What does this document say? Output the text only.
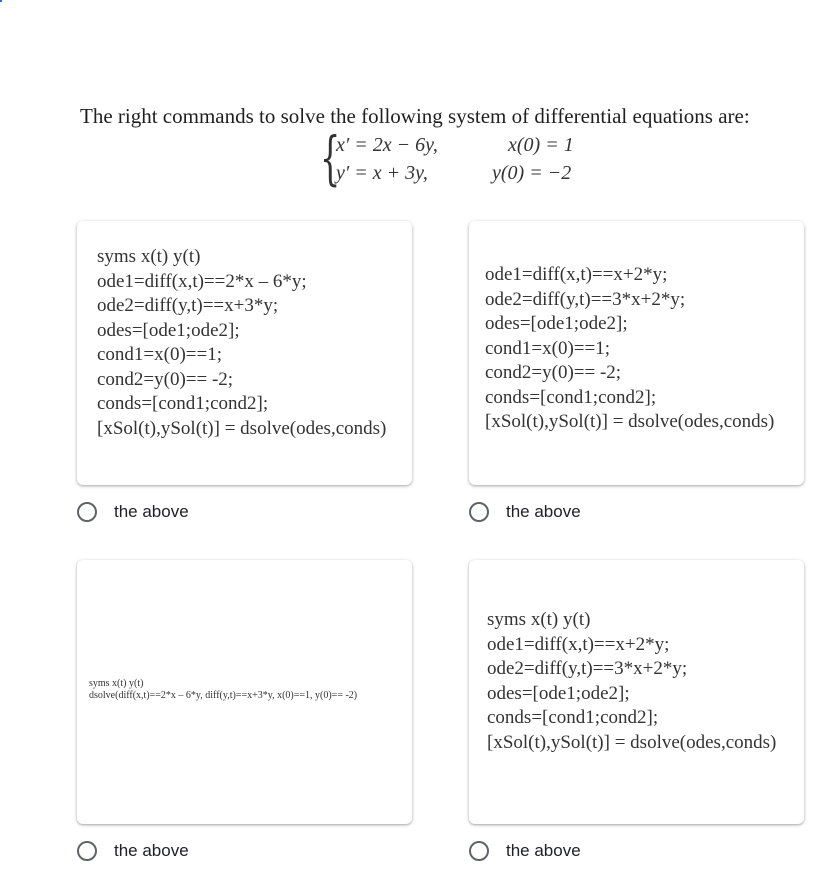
The right commands to solve the following system of differential equations are:
{
x′ = 2x − 6y,
y′ = x + 3y,
x(0) = 1
y(0) = −2
syms x(t) y(t)
ode1=diff(x,t)==2*x – 6*y;
ode2=diff(y,t)==x+3*y;
odes=[ode1;ode2];
cond1=x(0)==1;
cond2=y(0)== -2;
conds=[cond1;cond2];
[xSol(t),ySol(t)] = dsolve(odes,conds)
the above
ode1=diff(x,t)==x+2*y;
ode2=diff(y,t)==3*x+2*y;
odes=[ode1;ode2];
cond1=x(0)==1;
cond2=y(0)== -2;
conds=[cond1;cond2];
[xSol(t),ySol(t)] = dsolve(odes,conds)
the above
syms x(t) y(t)
dsolve(diff(x,t)==2*x – 6*y, diff(y,t)==x+3*y, x(0)==1, y(0)== -2)
the above
syms x(t) y(t)
ode1=diff(x,t)==x+2*y;
ode2=diff(y,t)==3*x+2*y;
odes=[ode1;ode2];
conds=[cond1;cond2];
[xSol(t),ySol(t)] = dsolve(odes,conds)
the above
